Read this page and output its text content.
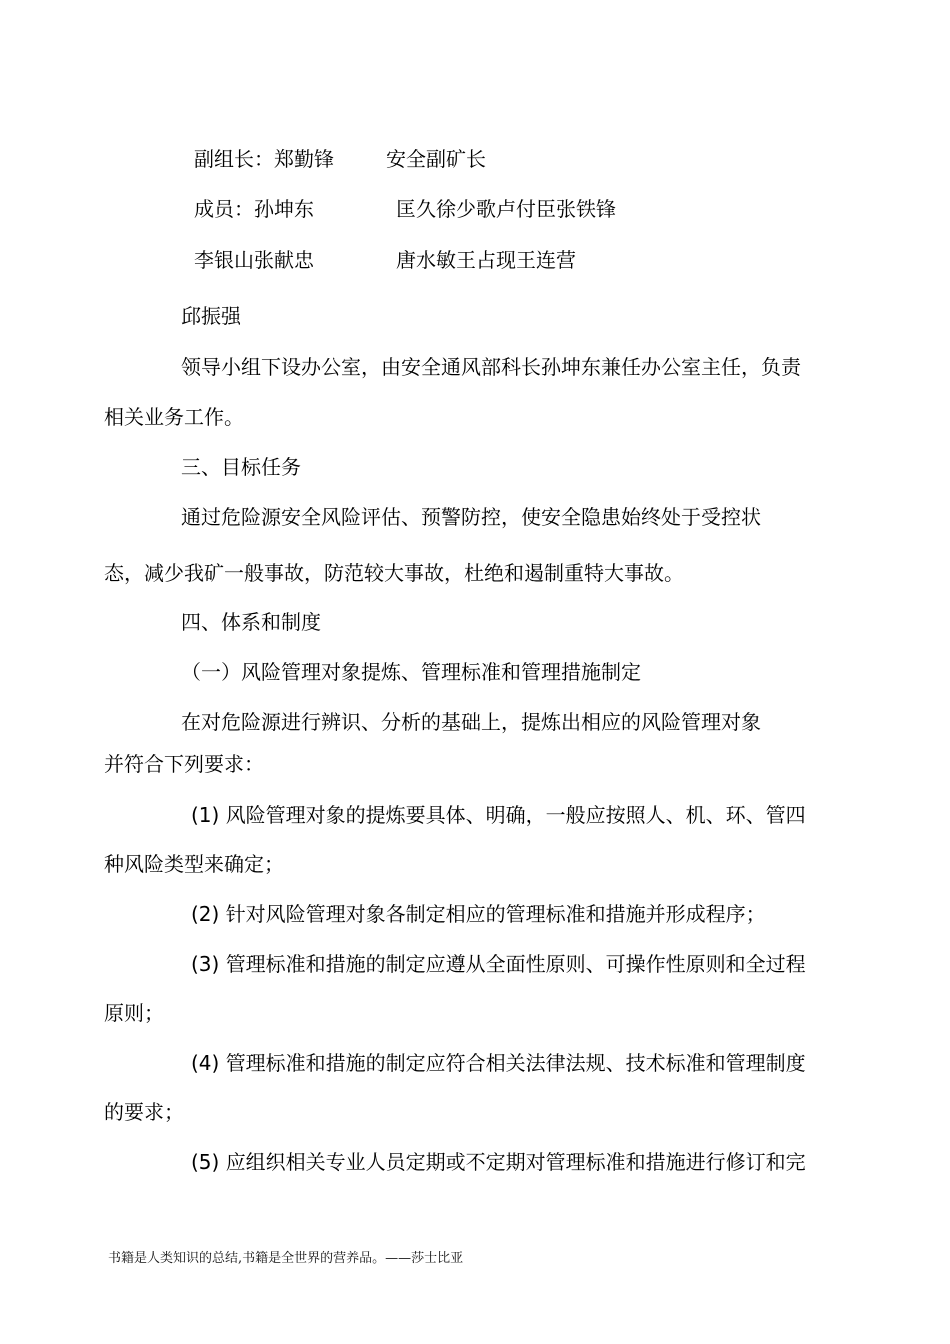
副组长：郑勤锋	安全副矿长
成员：孙坤东	匡久徐少歌卢付臣张铁锋
李银山张献忠	唐水敏王占现王连营
邱振强
领导小组下设办公室，由安全通风部科长孙坤东兼任办公室主任，负责
相关业务工作。
三、目标任务
通过危险源安全风险评估、预警防控，使安全隐患始终处于受控状
态，减少我矿一般事故，防范较大事故，杜绝和遏制重特大事故。
四、体系和制度
（一）风险管理对象提炼、管理标准和管理措施制定
在对危险源进行辨识、分析的基础上，提炼出相应的风险管理对象
并符合下列要求：
(1) 风险管理对象的提炼要具体、明确，一般应按照人、机、环、管四
种风险类型来确定；
(2) 针对风险管理对象各制定相应的管理标准和措施并形成程序；
(3) 管理标准和措施的制定应遵从全面性原则、可操作性原则和全过程
原则；
(4) 管理标准和措施的制定应符合相关法律法规、技术标准和管理制度
的要求；
(5) 应组织相关专业人员定期或不定期对管理标准和措施进行修订和完
书籍是人类知识的总结,书籍是全世界的营养品。——莎士比亚
